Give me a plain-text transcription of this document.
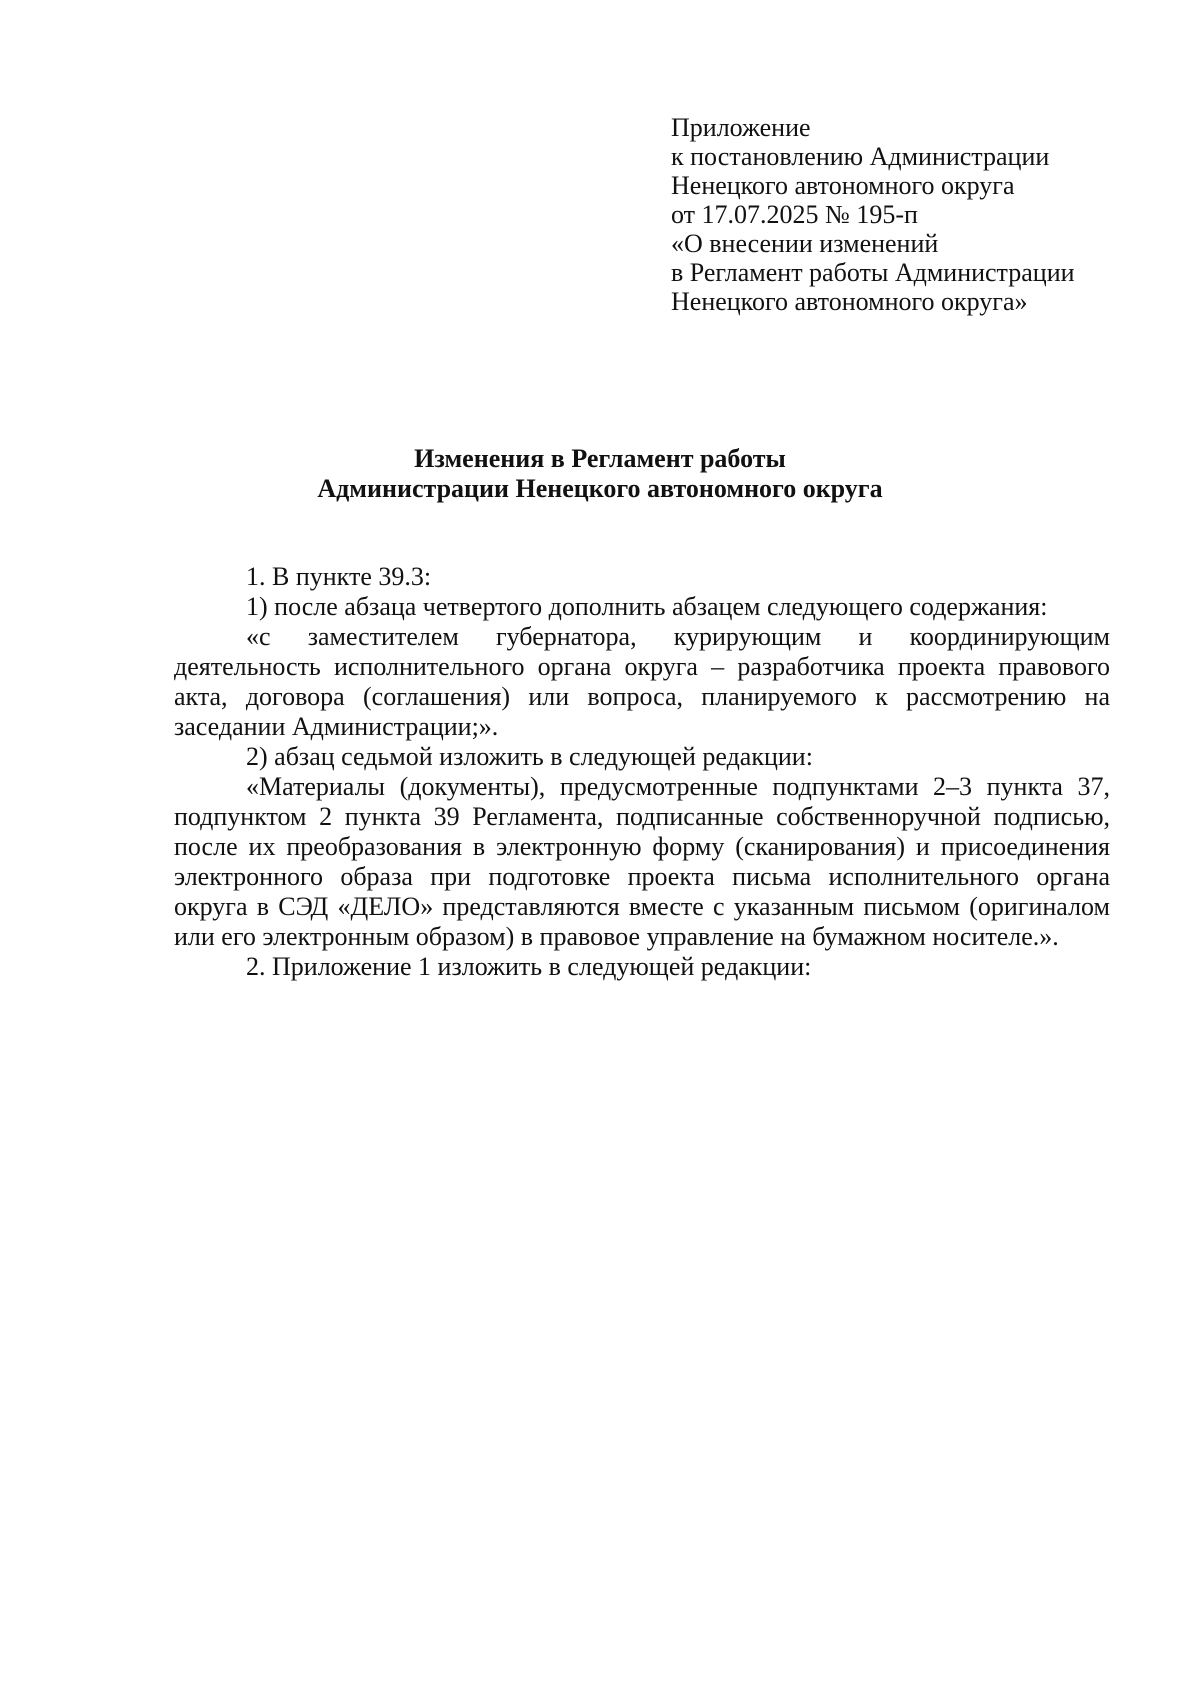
Приложение
к постановлению Администрации
Ненецкого автономного округа
от 17.07.2025 № 195-п
«О внесении изменений
в Регламент работы Администрации
Ненецкого автономного округа»
Изменения в Регламент работы
Администрации Ненецкого автономного округа

1. В пункте 39.3:

1) после абзаца четвертого дополнить абзацем следующего содержания:

«с заместителем губернатора, курирующим и координирующим деятельность исполнительного органа округа – разработчика проекта правового акта, договора (соглашения) или вопроса, планируемого к рассмотрению на заседании Администрации;».

2) абзац седьмой изложить в следующей редакции:

«Материалы (документы), предусмотренные подпунктами 2–3 пункта 37, подпунктом 2 пункта 39 Регламента, подписанные собственноручной подписью, после их преобразования в электронную форму (сканирования) и присоединения электронного образа при подготовке проекта письма исполнительного органа округа в СЭД «ДЕЛО» представляются вместе с указанным письмом (оригиналом или его электронным образом) в правовое управление на бумажном носителе.».

2. Приложение 1 изложить в следующей редакции:
